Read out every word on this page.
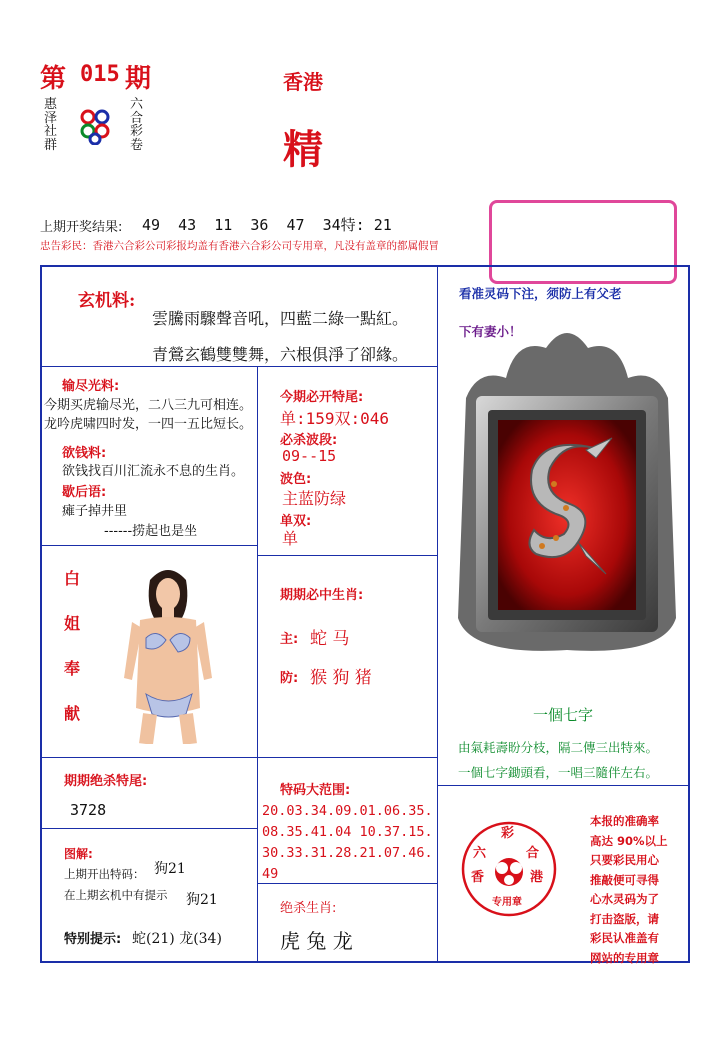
第 015 期
惠
泽
社
群
六
合
彩
卷
香港
精
上期开奖结果: 49  43  11  36  47  34特: 21
忠告彩民：香港六合彩公司彩报均盖有香港六合彩公司专用章，凡没有盖章的都属假冒
玄机料:
雲騰雨驟聲音吼，四藍二綠一點紅。
青鶯玄鶴雙雙舞，六根俱淨了卻緣。
输尽光料:
今期买虎输尽光，二八三九可相连。
龙吟虎啸四时发，一四一五比短长。
欲钱料:
欲钱找百川汇流永不息的生肖。
歇后语:
瘫子掉井里
------捞起也是坐
今期必开特尾:
单:159双:046
必杀波段:
09--15
波色:
主蓝防绿
单双:
单
白
姐
奉
献
期期必中生肖:
主: 蛇 马
防: 猴 狗 猪
看准灵码下注，须防上有父老
下有妻小！
一個七字
由氣耗壽盼分枝，隔二傳三出特來。
一個七字鋤頭看，一唱三隨伴左右。
彩
六	合
香	港
专用章
本报的准确率
高达 90%以上
只要彩民用心
推敲便可寻得
心水灵码为了
打击盗版，请
彩民认准盖有
网站的专用章
期期绝杀特尾:
3728
特码大范围:
20.03.34.09.01.06.35.
08.35.41.04 10.37.15.
30.33.31.28.21.07.46.
49
图解:
上期开出特码： 狗21
在上期玄机中有提示 狗21
特别提示: 蛇(21) 龙(34)
绝杀生肖:
虎 兔 龙
